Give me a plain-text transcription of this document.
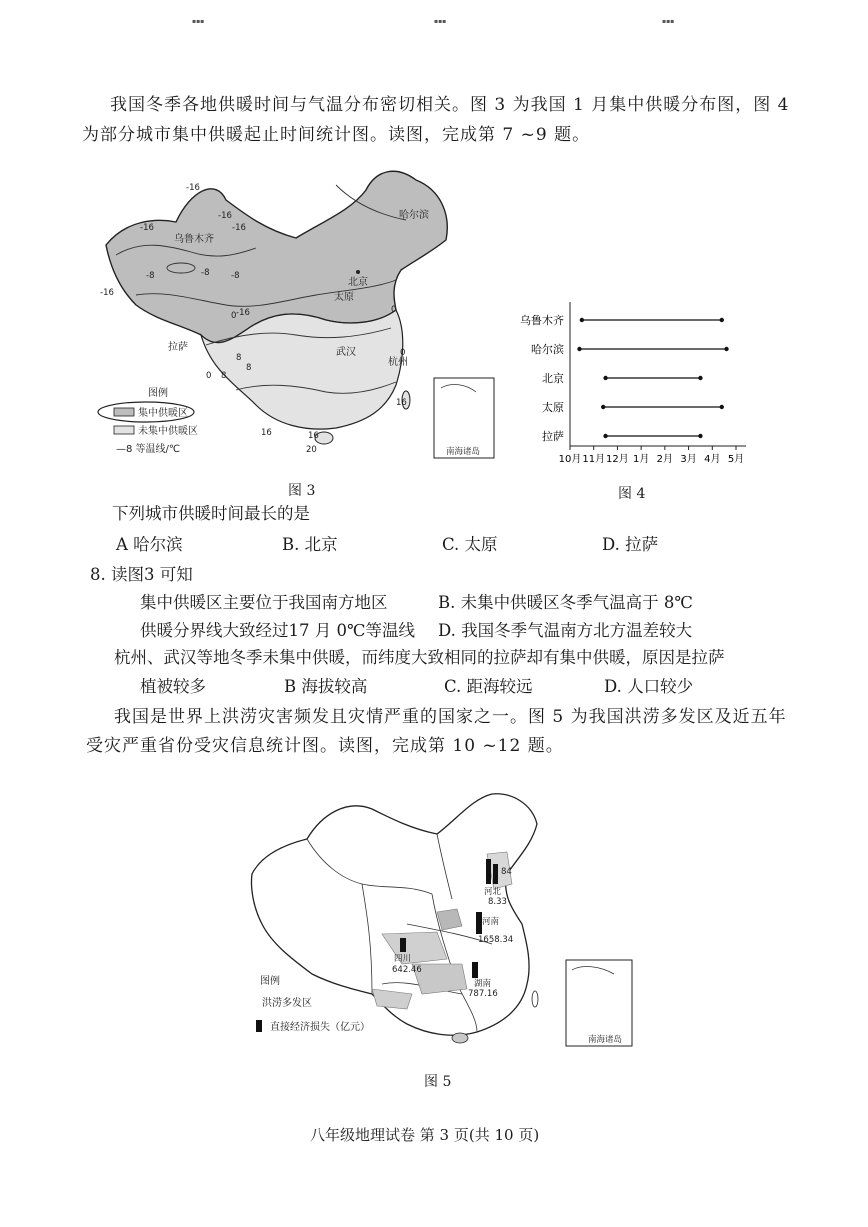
▪▪▪	▪▪▪	▪▪▪
我国冬季各地供暖时间与气温分布密切相关。图 3 为我国 1 月集中供暖分布图，图 4
为部分城市集中供暖起止时间统计图。读图，完成第 7 ~9 题。
-16
-16
-16	-16
-8	-8
-16
-16
-8
0
0 8
8
8
0
16	16
16
20
0
哈尔滨
乌鲁木齐
北京
太原
拉萨	武汉
杭州
南海诸岛
图例
集中供暖区
未集中供暖区
—8 等温线/℃
图 3
乌鲁木齐
哈尔滨
北京
太原
拉萨
10月 11月 12月 1月 2月 3月 4月 5月
图 4
下列城市供暖时间最长的是
A 哈尔滨	B. 北京	C. 太原	D. 拉萨
8. 读图3 可知
集中供暖区主要位于我国南方地区	B. 未集中供暖区冬季气温高于 8℃
供暖分界线大致经过17 月 0℃等温线 D. 我国冬季气温南方北方温差较大
杭州、武汉等地冬季未集中供暖，而纬度大致相同的拉萨却有集中供暖，原因是拉萨
植被较多	B 海拔较高	C. 距海较远	D. 人口较少
我国是世界上洪涝灾害频发且灾情严重的国家之一。图 5 为我国洪涝多发区及近五年
受灾严重省份受灾信息统计图。读图，完成第 10 ~12 题。
河北
8.33
84
河南
1658.34
四川
642.46
湖南
787.16
南海诸岛
图例
洪涝多发区
直接经济损失（亿元）
图 5
八年级地理试卷 第 3 页(共 10 页)
